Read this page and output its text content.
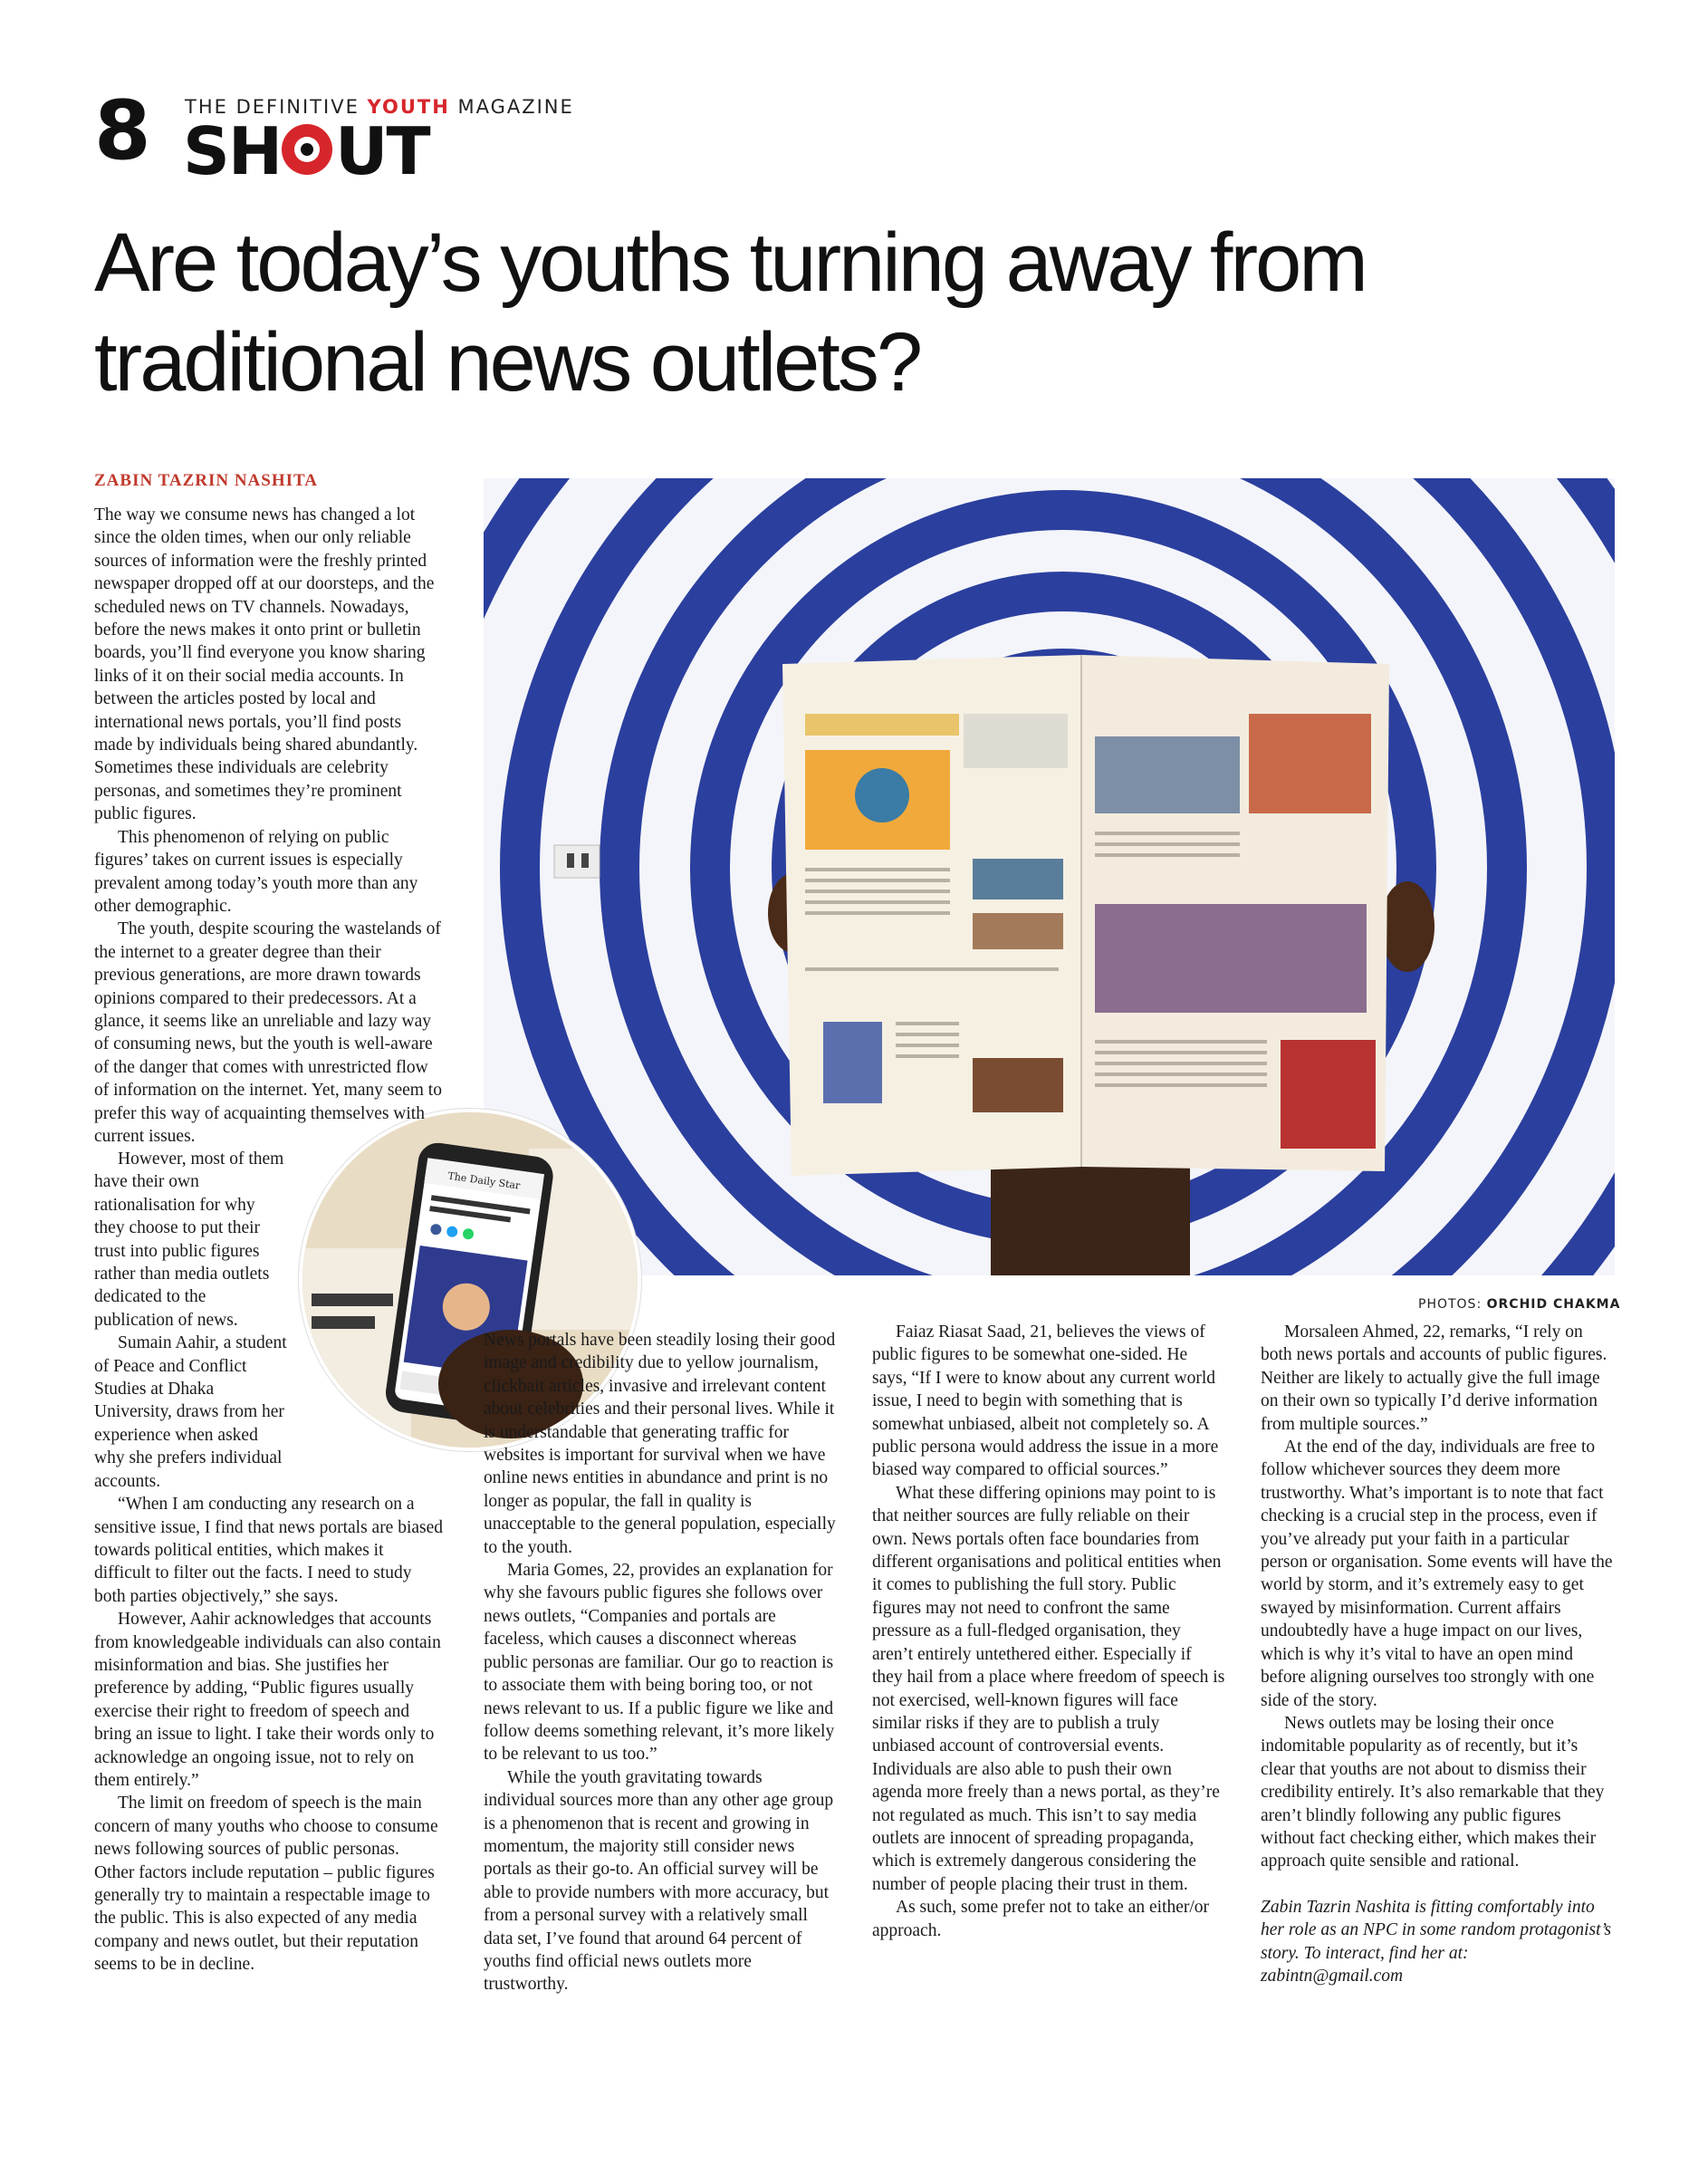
8 THE DEFINITIVE YOUTH MAGAZINE
SH UT
Are today’s youths turning away from traditional news outlets?
ZABIN TAZRIN NASHITA
PHOTOS: ORCHID CHAKMA
The Daily Star

The way we consume news has changed a lot since the olden times, when our only reliable sources of information were the freshly printed newspaper dropped off at our doorsteps, and the scheduled news on TV channels. Nowadays, before the news makes it onto print or bulletin boards, you’ll find everyone you know sharing links of it on their social media accounts. In between the articles posted by local and international news portals, you’ll find posts made by individuals being shared abundantly. Sometimes these individuals are celebrity personas, and sometimes they’re prominent public figures.

This phenomenon of relying on public figures’ takes on current issues is especially prevalent among today’s youth more than any other demographic.

The youth, despite scouring the wastelands of the internet to a greater degree than their previous generations, are more drawn towards opinions compared to their predecessors. At a glance, it seems like an unreliable and lazy way of consuming news, but the youth is well-aware of the danger that comes with unrestricted flow of information on the internet. Yet, many seem to prefer this way of acquainting themselves with current issues.

However, most of them have their own rationalisation for why they choose to put their trust into public figures rather than media outlets dedicated to the publication of news.

Sumain Aahir, a student of Peace and Conflict Studies at Dhaka University, draws from her experience when asked why she prefers individual accounts.

“When I am conducting any research on a sensitive issue, I find that news portals are biased towards political entities, which makes it difficult to filter out the facts. I need to study both parties objectively,” she says.

However, Aahir acknowledges that accounts from knowledgeable individuals can also contain misinformation and bias. She justifies her preference by adding, “Public figures usually exercise their right to freedom of speech and bring an issue to light. I take their words only to acknowledge an ongoing issue, not to rely on them entirely.”

The limit on freedom of speech is the main concern of many youths who choose to consume news following sources of public personas. Other factors include reputation – public figures generally try to maintain a respectable image to the public. This is also expected of any media company and news outlet, but their reputation seems to be in decline.

News portals have been steadily losing their good image and credibility due to yellow journalism, clickbait articles, invasive and irrelevant content about celebrities and their personal lives. While it is understandable that generating traffic for websites is important for survival when we have online news entities in abundance and print is no longer as popular, the fall in quality is unacceptable to the general population, especially to the youth.

Maria Gomes, 22, provides an explanation for why she favours public figures she follows over news outlets, “Companies and portals are faceless, which causes a disconnect whereas public personas are familiar. Our go to reaction is to associate them with being boring too, or not news relevant to us. If a public figure we like and follow deems something relevant, it’s more likely to be relevant to us too.”

While the youth gravitating towards individual sources more than any other age group is a phenomenon that is recent and growing in momentum, the majority still consider news portals as their go-to. An official survey will be able to provide numbers with more accuracy, but from a personal survey with a relatively small data set, I’ve found that around 64 percent of youths find official news outlets more trustworthy.

Faiaz Riasat Saad, 21, believes the views of public figures to be somewhat one-sided. He says, “If I were to know about any current world issue, I need to begin with something that is somewhat unbiased, albeit not completely so. A public persona would address the issue in a more biased way compared to official sources.”

What these differing opinions may point to is that neither sources are fully reliable on their own. News portals often face boundaries from different organisations and political entities when it comes to publishing the full story. Public figures may not need to confront the same pressure as a full-fledged organisation, they aren’t entirely untethered either. Especially if they hail from a place where freedom of speech is not exercised, well-known figures will face similar risks if they are to publish a truly unbiased account of controversial events. Individuals are also able to push their own agenda more freely than a news portal, as they’re not regulated as much. This isn’t to say media outlets are innocent of spreading propaganda, which is extremely dangerous considering the number of people placing their trust in them.

As such, some prefer not to take an either/or approach.

Morsaleen Ahmed, 22, remarks, “I rely on both news portals and accounts of public figures. Neither are likely to actually give the full image on their own so typically I’d derive information from multiple sources.”

At the end of the day, individuals are free to follow whichever sources they deem more trustworthy. What’s important is to note that fact checking is a crucial step in the process, even if you’ve already put your faith in a particular person or organisation. Some events will have the world by storm, and it’s extremely easy to get swayed by misinformation. Current affairs undoubtedly have a huge impact on our lives, which is why it’s vital to have an open mind before aligning ourselves too strongly with one side of the story.

News outlets may be losing their once indomitable popularity as of recently, but it’s clear that youths are not about to dismiss their credibility entirely. It’s also remarkable that they aren’t blindly following any public figures without fact checking either, which makes their approach quite sensible and rational.

Zabin Tazrin Nashita is fitting comfortably into her role as an NPC in some random protagonist’s story. To interact, find her at: zabintn@gmail.com
